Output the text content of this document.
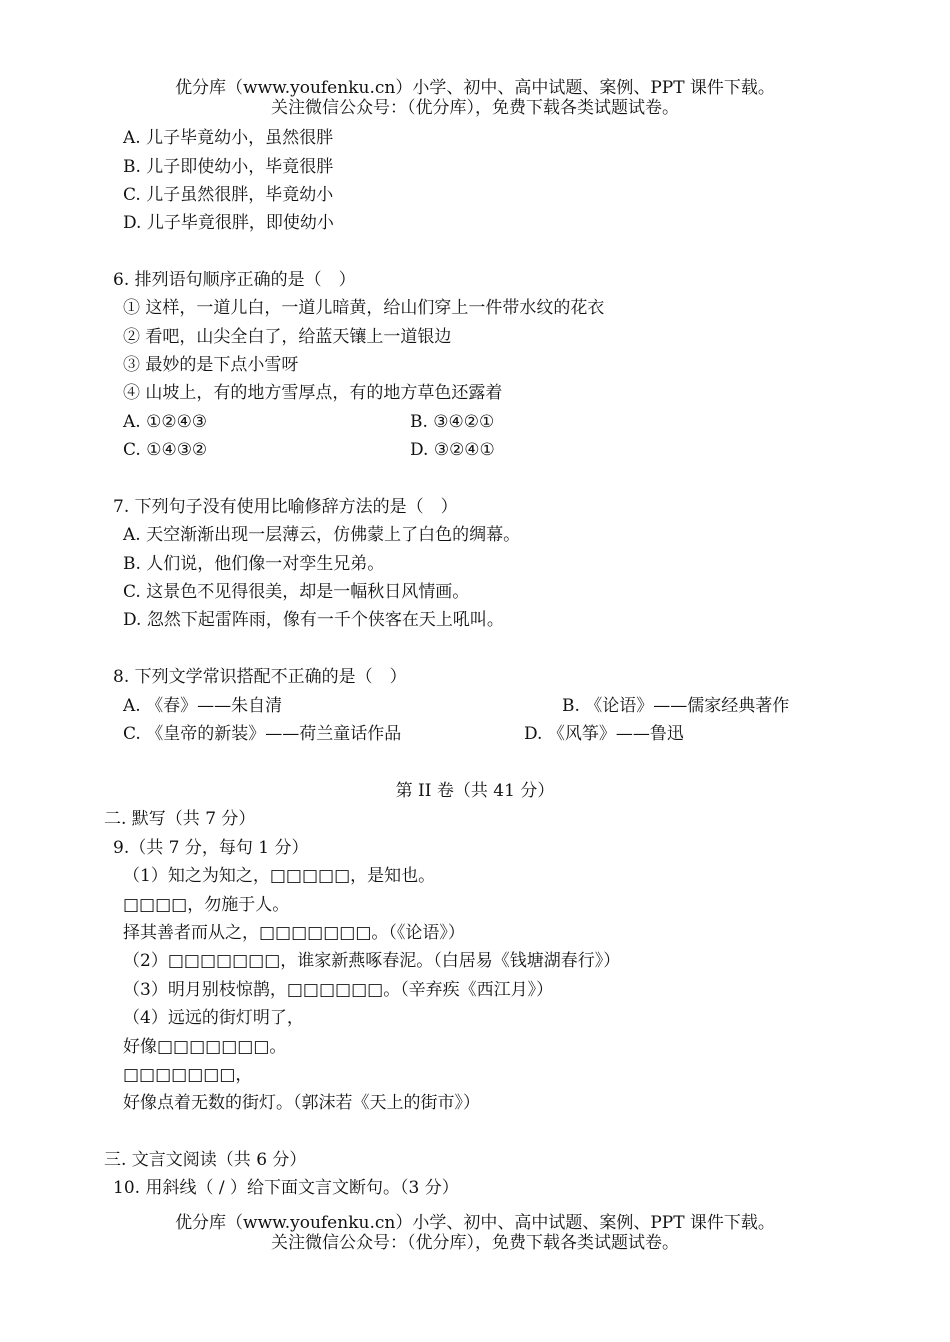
优分库（www.youfenku.cn）小学、初中、高中试题、案例、PPT 课件下载。
关注微信公众号：（优分库），免费下载各类试题试卷。
A. 儿子毕竟幼小，虽然很胖
B. 儿子即使幼小，毕竟很胖
C. 儿子虽然很胖，毕竟幼小
D. 儿子毕竟很胖，即使幼小
6. 排列语句顺序正确的是（　）
① 这样，一道儿白，一道儿暗黄，给山们穿上一件带水纹的花衣
② 看吧，山尖全白了，给蓝天镶上一道银边
③ 最妙的是下点小雪呀
④ 山坡上，有的地方雪厚点，有的地方草色还露着
A. ①②④③	B. ③④②①
C. ①④③②	D. ③②④①
7. 下列句子没有使用比喻修辞方法的是（　）
A. 天空渐渐出现一层薄云，仿佛蒙上了白色的绸幕。
B. 人们说，他们像一对孪生兄弟。
C. 这景色不见得很美，却是一幅秋日风情画。
D. 忽然下起雷阵雨，像有一千个侠客在天上吼叫。
8. 下列文学常识搭配不正确的是（　）
A. 《春》——朱自清	B. 《论语》——儒家经典著作
C. 《皇帝的新装》——荷兰童话作品	D. 《风筝》——鲁迅
第 II 卷（共 41 分）
二. 默写（共 7 分）
9.（共 7 分，每句 1 分）
（1）知之为知之，□□□□□，是知也。
□□□□，勿施于人。
择其善者而从之，□□□□□□□。（《论语》）
（2）□□□□□□□，谁家新燕啄春泥。（白居易《钱塘湖春行》）
（3）明月别枝惊鹊，□□□□□□。（辛弃疾《西江月》）
（4）远远的街灯明了，
好像□□□□□□□。
□□□□□□□，
好像点着无数的街灯。（郭沫若《天上的街市》）
三. 文言文阅读（共 6 分）
10. 用斜线（ / ）给下面文言文断句。（3 分）
优分库（www.youfenku.cn）小学、初中、高中试题、案例、PPT 课件下载。
关注微信公众号：（优分库），免费下载各类试题试卷。
